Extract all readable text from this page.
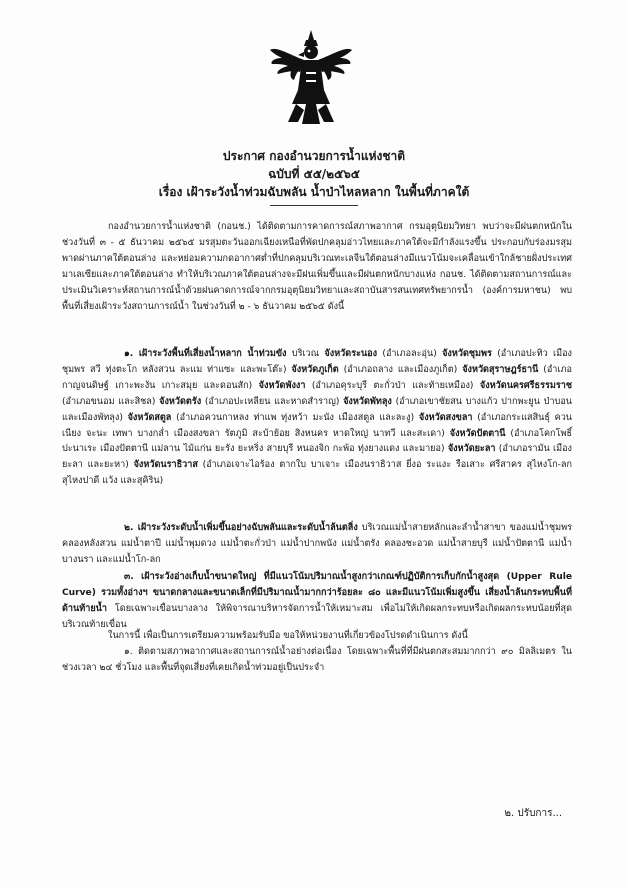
ประกาศ กองอำนวยการน้ำแห่งชาติ
ฉบับที่ ๕๕/๒๕๖๕
เรื่อง เฝ้าระวังน้ำท่วมฉับพลัน น้ำป่าไหลหลาก ในพื้นที่ภาคใต้

กองอำนวยการน้ำแห่งชาติ (กอนช.) ได้ติดตามการคาดการณ์สภาพอากาศ กรมอุตุนิยมวิทยา พบว่าจะมีฝนตกหนักในช่วงวันที่ ๓ - ๕ ธันวาคม ๒๕๖๕ มรสุมตะวันออกเฉียงเหนือที่พัดปกคลุมอ่าวไทยและภาคใต้จะมีกำลังแรงขึ้น ประกอบกับร่องมรสุมพาดผ่านภาคใต้ตอนล่าง และหย่อมความกดอากาศต่ำที่ปกคลุมบริเวณทะเลจีนใต้ตอนล่างมีแนวโน้มจะเคลื่อนเข้าใกล้ชายฝั่งประเทศมาเลเซียและภาคใต้ตอนล่าง ทำให้บริเวณภาคใต้ตอนล่างจะมีฝนเพิ่มขึ้นและมีฝนตกหนักบางแห่ง กอนช. ได้ติดตามสถานการณ์และประเมินวิเคราะห์สถานการณ์น้ำด้วยฝนคาดการณ์จากกรมอุตุนิยมวิทยาและสถาบันสารสนเทศทรัพยากรน้ำ (องค์การมหาชน) พบพื้นที่เสี่ยงเฝ้าระวังสถานการณ์น้ำ ในช่วงวันที่ ๒ - ๖ ธันวาคม ๒๕๖๕ ดังนี้

๑. เฝ้าระวังพื้นที่เสี่ยงน้ำหลาก น้ำท่วมขัง บริเวณ จังหวัดระนอง (อำเภอละอุ่น) จังหวัดชุมพร (อำเภอปะทิว เมืองชุมพร สวี ทุ่งตะโก หลังสวน ละแม ท่าแซะ และพะโต๊ะ) จังหวัดภูเก็ต (อำเภอถลาง และเมืองภูเก็ต) จังหวัดสุราษฎร์ธานี (อำเภอกาญจนดิษฐ์ เกาะพะงัน เกาะสมุย และดอนสัก) จังหวัดพังงา (อำเภอคุระบุรี ตะกั่วป่า และท้ายเหมือง) จังหวัดนครศรีธรรมราช (อำเภอขนอม และสิชล) จังหวัดตรัง (อำเภอปะเหลียน และหาดสำราญ) จังหวัดพัทลุง (อำเภอเขาชัยสน บางแก้ว ปากพะยูน ป่าบอน และเมืองพัทลุง) จังหวัดสตูล (อำเภอควนกาหลง ท่าแพ ทุ่งหว้า มะนัง เมืองสตูล และละงู) จังหวัดสงขลา (อำเภอกระแสสินธุ์ ควนเนียง จะนะ เทพา บางกล่ำ เมืองสงขลา รัตภูมิ สะบ้าย้อย สิงหนคร หาดใหญ่ นาทวี และสะเดา) จังหวัดปัตตานี (อำเภอโคกโพธิ์ ปะนาเระ เมืองปัตตานี แม่ลาน ไม้แก่น ยะรัง ยะหริ่ง สายบุรี หนองจิก กะพ้อ ทุ่งยางแดง และมายอ) จังหวัดยะลา (อำเภอรามัน เมืองยะลา และยะหา) จังหวัดนราธิวาส (อำเภอเจาะไอร้อง ตากใบ บาเจาะ เมืองนราธิวาส ยี่งอ ระแงะ รือเสาะ ศรีสาคร สุไหงโก-ลก สุไหงปาดี แว้ง และสุคิริน)

๒. เฝ้าระวังระดับน้ำเพิ่มขึ้นอย่างฉับพลันและระดับน้ำล้นตลิ่ง บริเวณแม่น้ำสายหลักและลำน้ำสาขา ของแม่น้ำชุมพร คลองหลังสวน แม่น้ำตาปี แม่น้ำพุมดวง แม่น้ำตะกั่วป่า แม่น้ำปากพนัง แม่น้ำตรัง คลองชะอวด แม่น้ำสายบุรี แม่น้ำปัตตานี แม่น้ำบางนรา และแม่น้ำโก-ลก

๓. เฝ้าระวังอ่างเก็บน้ำขนาดใหญ่ ที่มีแนวโน้มปริมาณน้ำสูงกว่าเกณฑ์ปฏิบัติการเก็บกักน้ำสูงสุด (Upper Rule Curve) รวมทั้งอ่างฯ ขนาดกลางและขนาดเล็กที่มีปริมาณน้ำมากกว่าร้อยละ ๘๐ และมีแนวโน้มเพิ่มสูงขึ้น เสี่ยงน้ำล้นกระทบพื้นที่ด้านท้ายน้ำ โดยเฉพาะเขื่อนบางลาง ให้พิจารณาบริหารจัดการน้ำให้เหมาะสม เพื่อไม่ให้เกิดผลกระทบหรือเกิดผลกระทบน้อยที่สุดบริเวณท้ายเขื่อน

ในการนี้ เพื่อเป็นการเตรียมความพร้อมรับมือ ขอให้หน่วยงานที่เกี่ยวข้องโปรดดำเนินการ ดังนี้

๑. ติดตามสภาพอากาศและสถานการณ์น้ำอย่างต่อเนื่อง โดยเฉพาะพื้นที่ที่มีฝนตกสะสมมากกว่า ๙๐ มิลลิเมตร ในช่วงเวลา ๒๔ ชั่วโมง และพื้นที่จุดเสี่ยงที่เคยเกิดน้ำท่วมอยู่เป็นประจำ

๒. ปรับการ...
